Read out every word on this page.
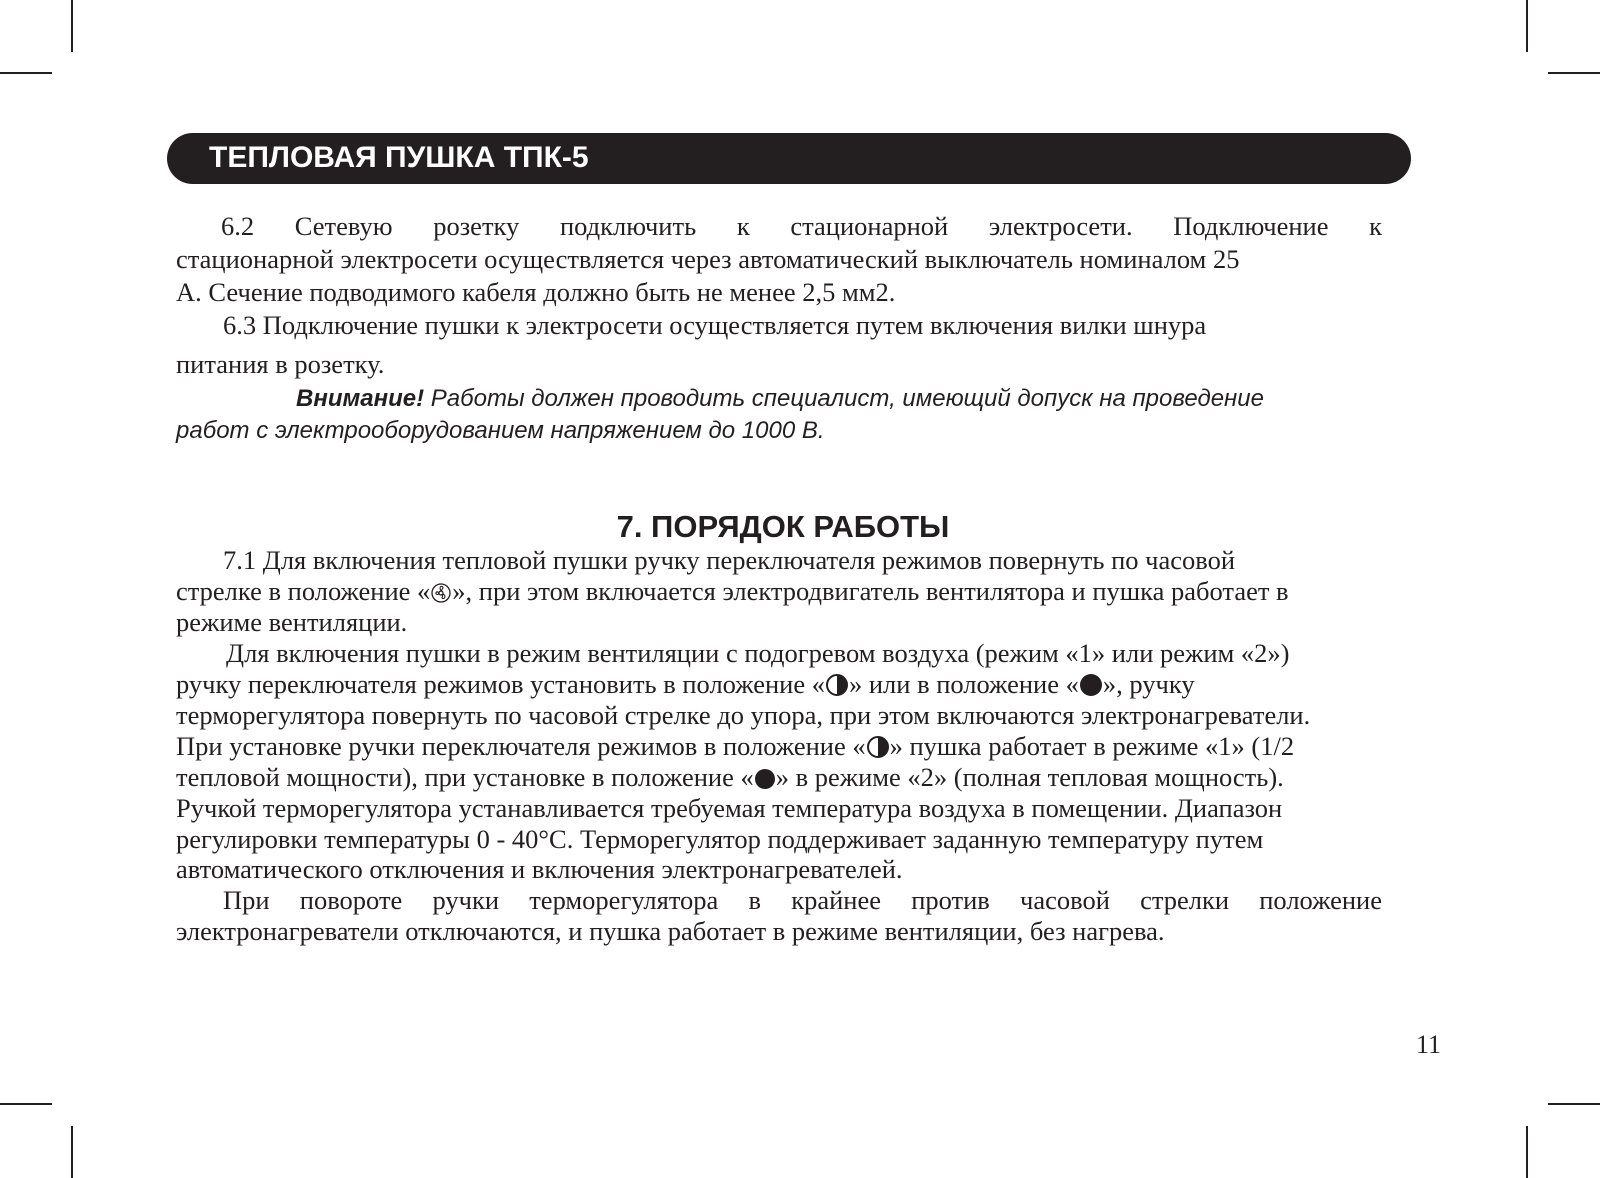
ТЕПЛОВАЯ ПУШКА ТПК-5
6.2 Сетевую розетку подключить к стационарной электросети. Подключение к
стационарной электросети осуществляется через автоматический выключатель номиналом 25
А. Сечение подводимого кабеля должно быть не менее 2,5 мм2.
6.3 Подключение пушки к электросети осуществляется путем включения вилки шнура
питания в розетку.
Внимание! Работы должен проводить специалист, имеющий допуск на проведение
работ с электрооборудованием напряжением до 1000 В.
7. ПОРЯДОК РАБОТЫ
7.1 Для включения тепловой пушки ручку переключателя режимов повернуть по часовой
стрелке в положение « », при этом включается электродвигатель вентилятора и пушка работает в
режиме вентиляции.
Для включения пушки в режим вентиляции с подогревом воздуха (режим «1» или режим «2»)
ручку переключателя режимов установить в положение « » или в положение « », ручку
терморегулятора повернуть по часовой стрелке до упора, при этом включаются электронагреватели.
При установке ручки переключателя режимов в положение « » пушка работает в режиме «1» (1/2
тепловой мощности), при установке в положение « » в режиме «2» (полная тепловая мощность).
Ручкой терморегулятора устанавливается требуемая температура воздуха в помещении. Диапазон
регулировки температуры 0 - 40°С. Терморегулятор поддерживает заданную температуру путем
автоматического отключения и включения электронагревателей.
При повороте ручки терморегулятора в крайнее против часовой стрелки положение
электронагреватели отключаются, и пушка работает в режиме вентиляции, без нагрева.
11
